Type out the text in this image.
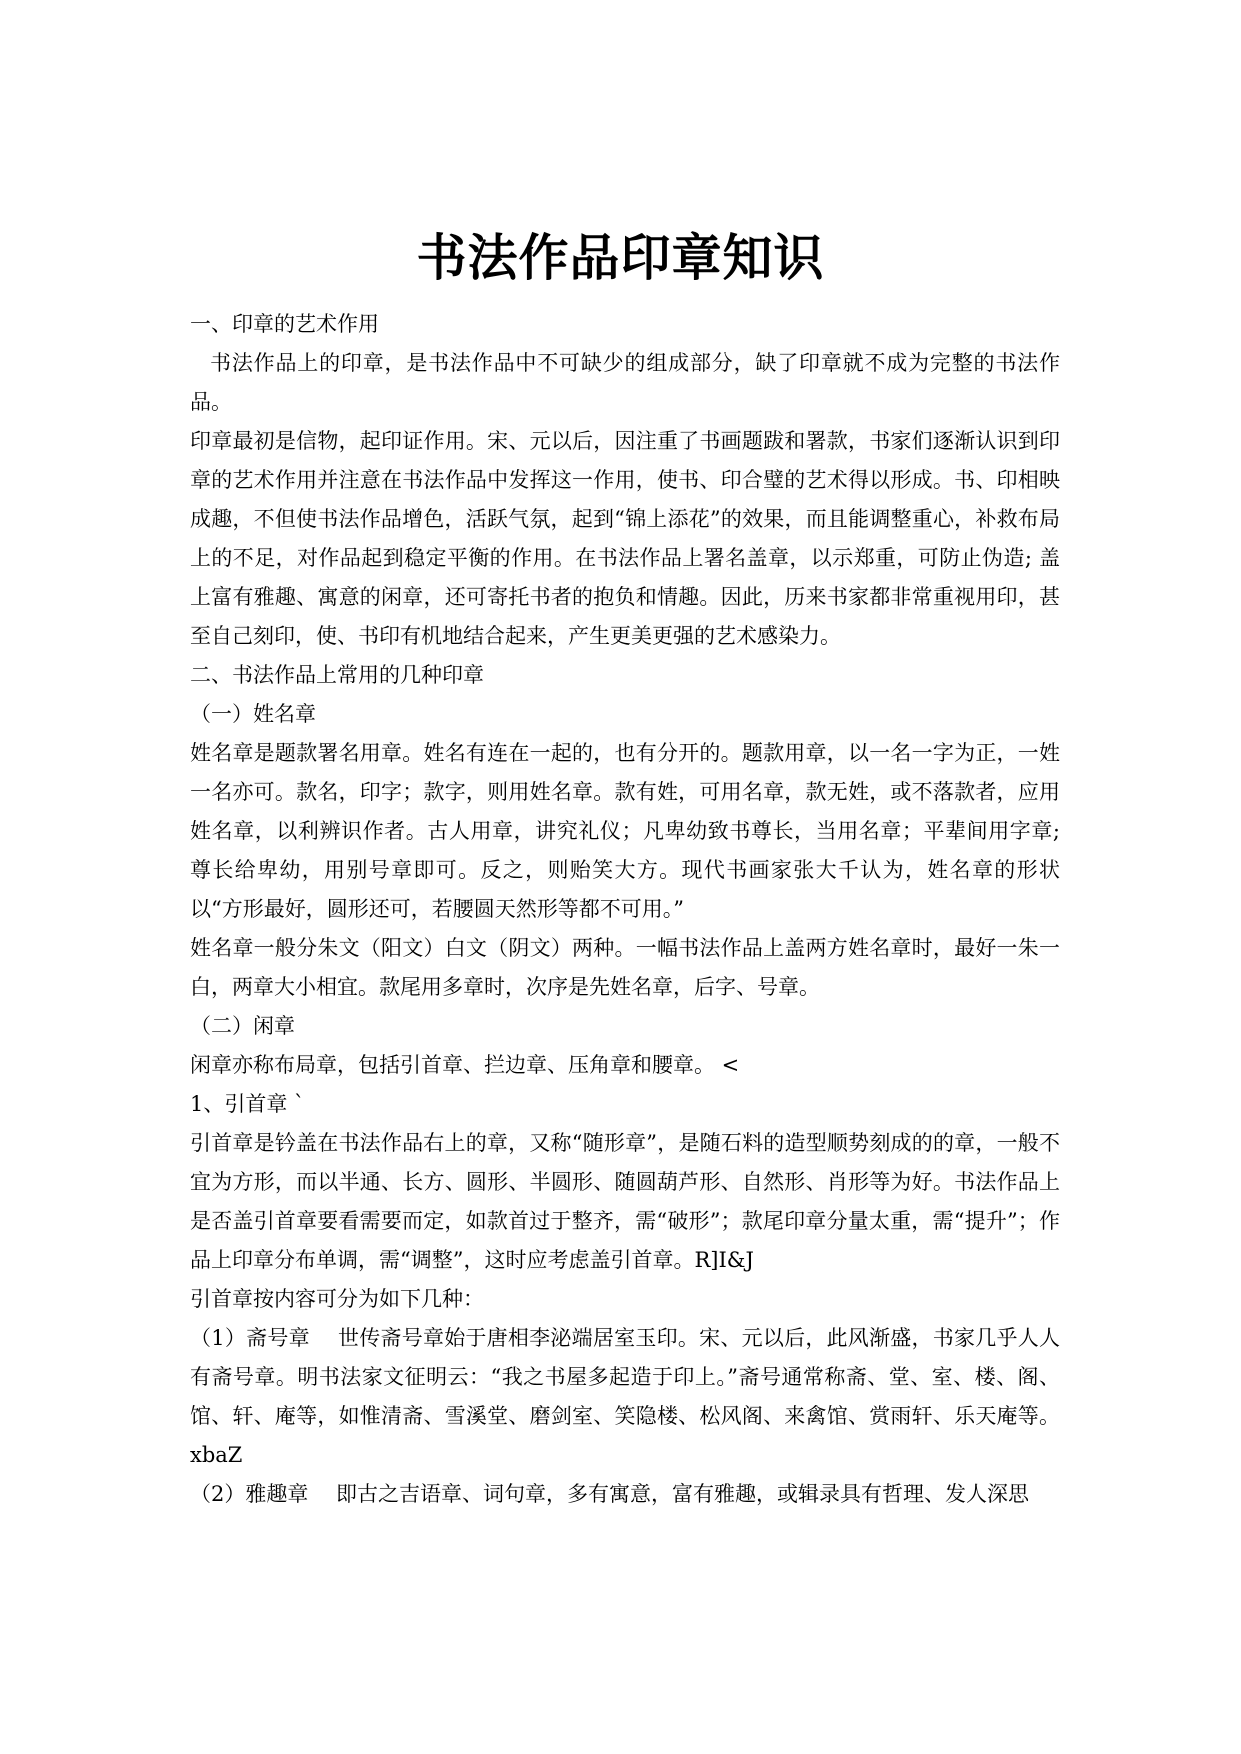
书法作品印章知识

一、印章的艺术作用

书法作品上的印章，是书法作品中不可缺少的组成部分，缺了印章就不成为完整的书法作品。

印章最初是信物，起印证作用。宋、元以后，因注重了书画题跋和署款，书家们逐渐认识到印章的艺术作用并注意在书法作品中发挥这一作用，使书、印合璧的艺术得以形成。书、印相映成趣，不但使书法作品增色，活跃气氛，起到“锦上添花”的效果，而且能调整重心，补救布局上的不足，对作品起到稳定平衡的作用。在书法作品上署名盖章，以示郑重，可防止伪造; 盖上富有雅趣、寓意的闲章，还可寄托书者的抱负和情趣。因此，历来书家都非常重视用印，甚至自己刻印，使、书印有机地结合起来，产生更美更强的艺术感染力。

二、书法作品上常用的几种印章

（一）姓名章

姓名章是题款署名用章。姓名有连在一起的，也有分开的。题款用章，以一名一字为正，一姓一名亦可。款名，印字；款字，则用姓名章。款有姓，可用名章，款无姓，或不落款者，应用姓名章，以利辨识作者。古人用章，讲究礼仪；凡卑幼致书尊长，当用名章；平辈间用字章; 尊长给卑幼，用别号章即可。反之，则贻笑大方。现代书画家张大千认为，姓名章的形状以“方形最好，圆形还可，若腰圆天然形等都不可用。”

姓名章一般分朱文（阳文）白文（阴文）两种。一幅书法作品上盖两方姓名章时，最好一朱一白，两章大小相宜。款尾用多章时，次序是先姓名章，后字、号章。

（二）闲章

闲章亦称布局章，包括引首章、拦边章、压角章和腰章。 <

1、引首章 `

引首章是钤盖在书法作品右上的章，又称“随形章”，是随石料的造型顺势刻成的的章，一般不宜为方形，而以半通、长方、圆形、半圆形、随圆葫芦形、自然形、肖形等为好。书法作品上是否盖引首章要看需要而定，如款首过于整齐，需“破形”；款尾印章分量太重，需“提升”；作品上印章分布单调，需“调整”，这时应考虑盖引首章。R]I&J

引首章按内容可分为如下几种：

（1）斋号章　 世传斋号章始于唐相李泌端居室玉印。宋、元以后，此风渐盛，书家几乎人人有斋号章。明书法家文征明云：“我之书屋多起造于印上。”斋号通常称斋、堂、室、楼、阁、馆、轩、庵等，如惟清斋、雪溪堂、磨剑室、笑隐楼、松风阁、来禽馆、赏雨轩、乐天庵等。 xbaZ

（2）雅趣章　 即古之吉语章、词句章，多有寓意，富有雅趣，或辑录具有哲理、发人深思
